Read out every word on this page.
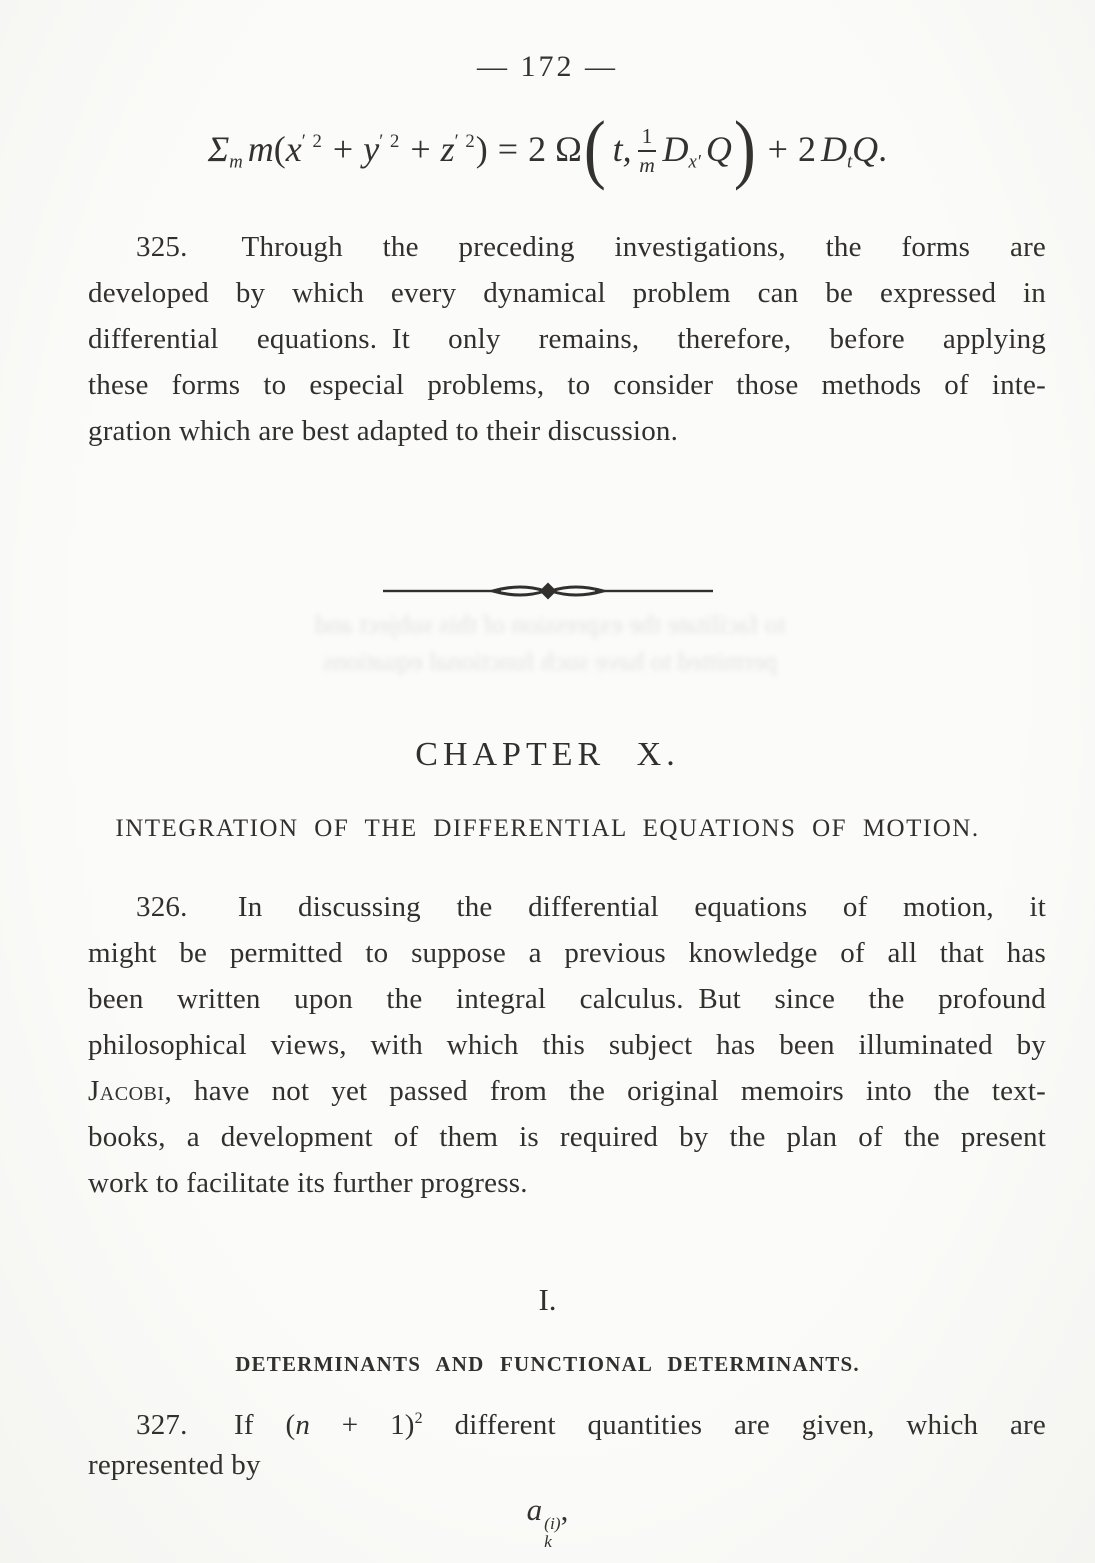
— 172 —
$\Sigma_m$ $m(x^{' 2} + y^{' 2} + z^{' 2}) = 2$ Ω( t, $\frac{1}{m} D_{x'}$ Q) + 2 $D_tQ$.
325.  Through the preceding investigations, the forms are
developed by which every dynamical problem can be expressed in
differential equations. It only remains, therefore, before applying
these forms to especial problems, to consider those methods of inte-
gration which are best adapted to their discussion.
to facilitate the expression of this subject and
permitted to have such functional equations
CHAPTER X.
INTEGRATION OF THE DIFFERENTIAL EQUATIONS OF MOTION.
326.  In discussing the differential equations of motion, it
might be permitted to suppose a previous knowledge of all that has
been written upon the integral calculus. But since the profound
philosophical views, with which this subject has been illuminated by
Jacobi, have not yet passed from the original memoirs into the text-
books, a development of them is required by the plan of the present
work to facilitate its further progress.
I.
DETERMINANTS AND FUNCTIONAL DETERMINANTS.
327.  If $(n + 1)^2$ different quantities are given, which are
represented by
a (i)
k
,
